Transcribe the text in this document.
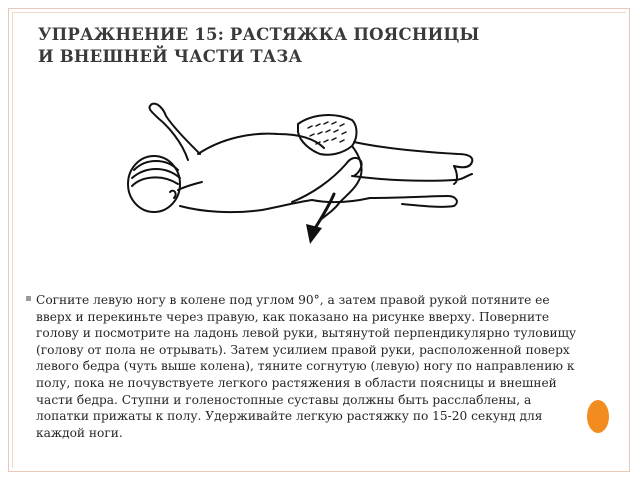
УПРАЖНЕНИЕ 15: РАСТЯЖКА ПОЯСНИЦЫ
И ВНЕШНЕЙ ЧАСТИ ТАЗА

Согните левую ногу в колене под углом 90°, а затем правой рукой потяните ее вверх и перекиньте через правую, как показано на рисунке вверху. Поверните голову и посмотрите на ладонь левой руки, вытянутой перпендикулярно туловищу (голову от пола не отрывать). Затем усилием правой руки, расположенной поверх левого бедра (чуть выше колена), тяните согнутую (левую) ногу по направлению к полу, пока не почувствуете легкого растяжения в области поясницы и внешней части бедра. Ступни и голеностопные суставы должны быть расслаблены, а лопатки прижаты к полу. Удерживайте легкую растяжку по 15-20 секунд для каждой ноги.
